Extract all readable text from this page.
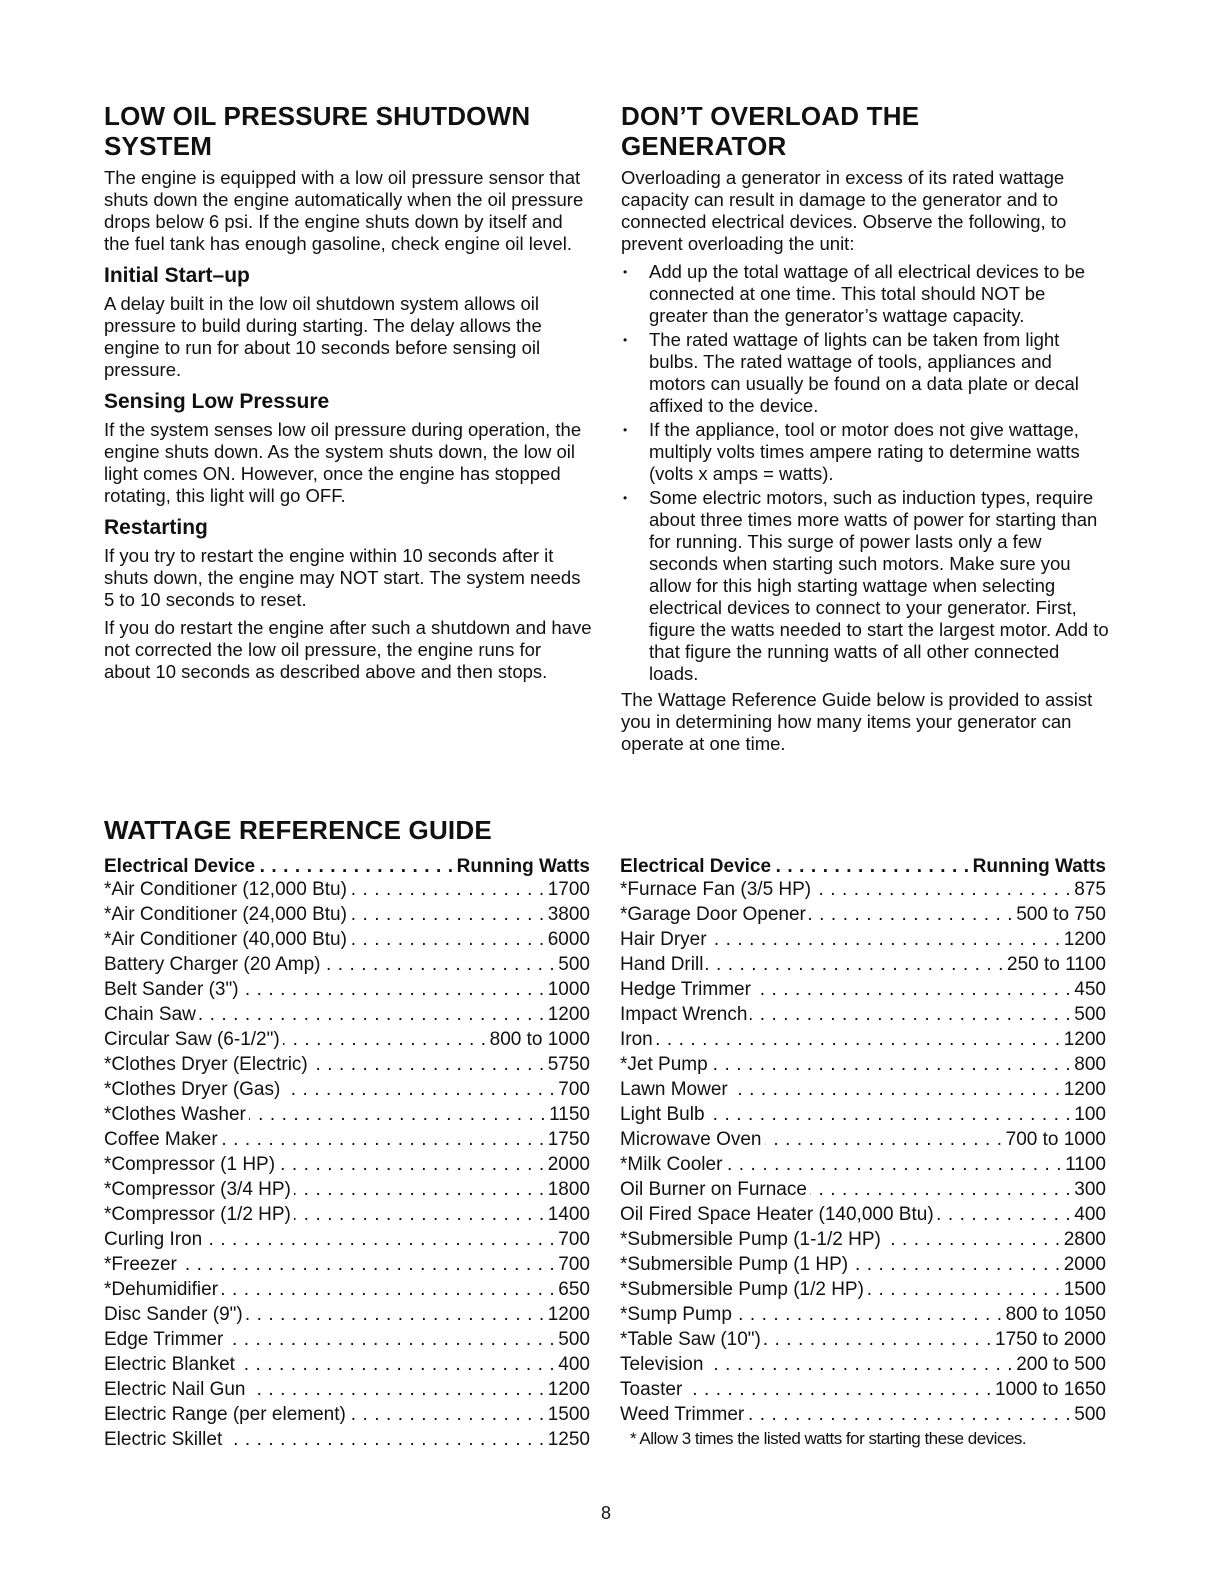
LOW OIL PRESSURE SHUTDOWN SYSTEM

The engine is equipped with a low oil pressure sensor that shuts down the engine automatically when the oil pressure drops below 6 psi. If the engine shuts down by itself and the fuel tank has enough gasoline, check engine oil level.

Initial Start–up

A delay built in the low oil shutdown system allows oil pressure to build during starting. The delay allows the engine to run for about 10 seconds before sensing oil pressure.

Sensing Low Pressure

If the system senses low oil pressure during operation, the engine shuts down. As the system shuts down, the low oil light comes ON. However, once the engine has stopped rotating, this light will go OFF.

Restarting

If you try to restart the engine within 10 seconds after it shuts down, the engine may NOT start. The system needs 5 to 10 seconds to reset.

If you do restart the engine after such a shutdown and have not corrected the low oil pressure, the engine runs for about 10 seconds as described above and then stops.

DON’T OVERLOAD THE GENERATOR

Overloading a generator in excess of its rated wattage capacity can result in damage to the generator and to connected electrical devices. Observe the following, to prevent overloading the unit:

• Add up the total wattage of all electrical devices to be connected at one time. This total should NOT be greater than the generator’s wattage capacity.
• The rated wattage of lights can be taken from light bulbs. The rated wattage of tools, appliances and motors can usually be found on a data plate or decal affixed to the device.
• If the appliance, tool or motor does not give wattage, multiply volts times ampere rating to determine watts (volts x amps = watts).
• Some electric motors, such as induction types, require about three times more watts of power for starting than for running. This surge of power lasts only a few seconds when starting such motors. Make sure you allow for this high starting wattage when selecting electrical devices to connect to your generator. First, figure the watts needed to start the largest motor. Add to that figure the running watts of all other connected loads.

The Wattage Reference Guide below is provided to assist you in determining how many items your generator can operate at one time.

WATTAGE REFERENCE GUIDE
Electrical Device . . .	Running Watts
*Air Conditioner (12,000 Btu) . . .	1700
*Air Conditioner (24,000 Btu) . . .	3800
*Air Conditioner (40,000 Btu) . . .	6000
Battery Charger (20 Amp) . . .	500
Belt Sander (3") . . .	1000
Chain Saw . . .	1200
Circular Saw (6-1/2") . . .	800 to 1000
*Clothes Dryer (Electric) . . .	5750
*Clothes Dryer (Gas) . . .	700
*Clothes Washer . . .	1150
Coffee Maker . . .	1750
*Compressor (1 HP) . . .	2000
*Compressor (3/4 HP) . . .	1800
*Compressor (1/2 HP) . . .	1400
Curling Iron . . .	700
*Freezer . . .	700
*Dehumidifier . . .	650
Disc Sander (9") . . .	1200
Edge Trimmer . . .	500
Electric Blanket . . .	400
Electric Nail Gun . . .	1200
Electric Range (per element) . . .	1500
Electric Skillet . . .	1250
Electrical Device . . .	Running Watts
*Furnace Fan (3/5 HP) . . .	875
*Garage Door Opener . . .	500 to 750
Hair Dryer . . .	1200
Hand Drill . . .	250 to 1100
Hedge Trimmer . . .	450
Impact Wrench . . .	500
Iron . . .	1200
*Jet Pump . . .	800
Lawn Mower . . .	1200
Light Bulb . . .	100
Microwave Oven . . .	700 to 1000
*Milk Cooler . . .	1100
Oil Burner on Furnace . . .	300
Oil Fired Space Heater (140,000 Btu) . . .	400
*Submersible Pump (1-1/2 HP) . . .	2800
*Submersible Pump (1 HP) . . .	2000
*Submersible Pump (1/2 HP) . . .	1500
*Sump Pump . . .	800 to 1050
*Table Saw (10") . . .	1750 to 2000
Television . . .	200 to 500
Toaster . . .	1000 to 1650
Weed Trimmer . . .	500
* Allow 3 times the listed watts for starting these devices.
8
